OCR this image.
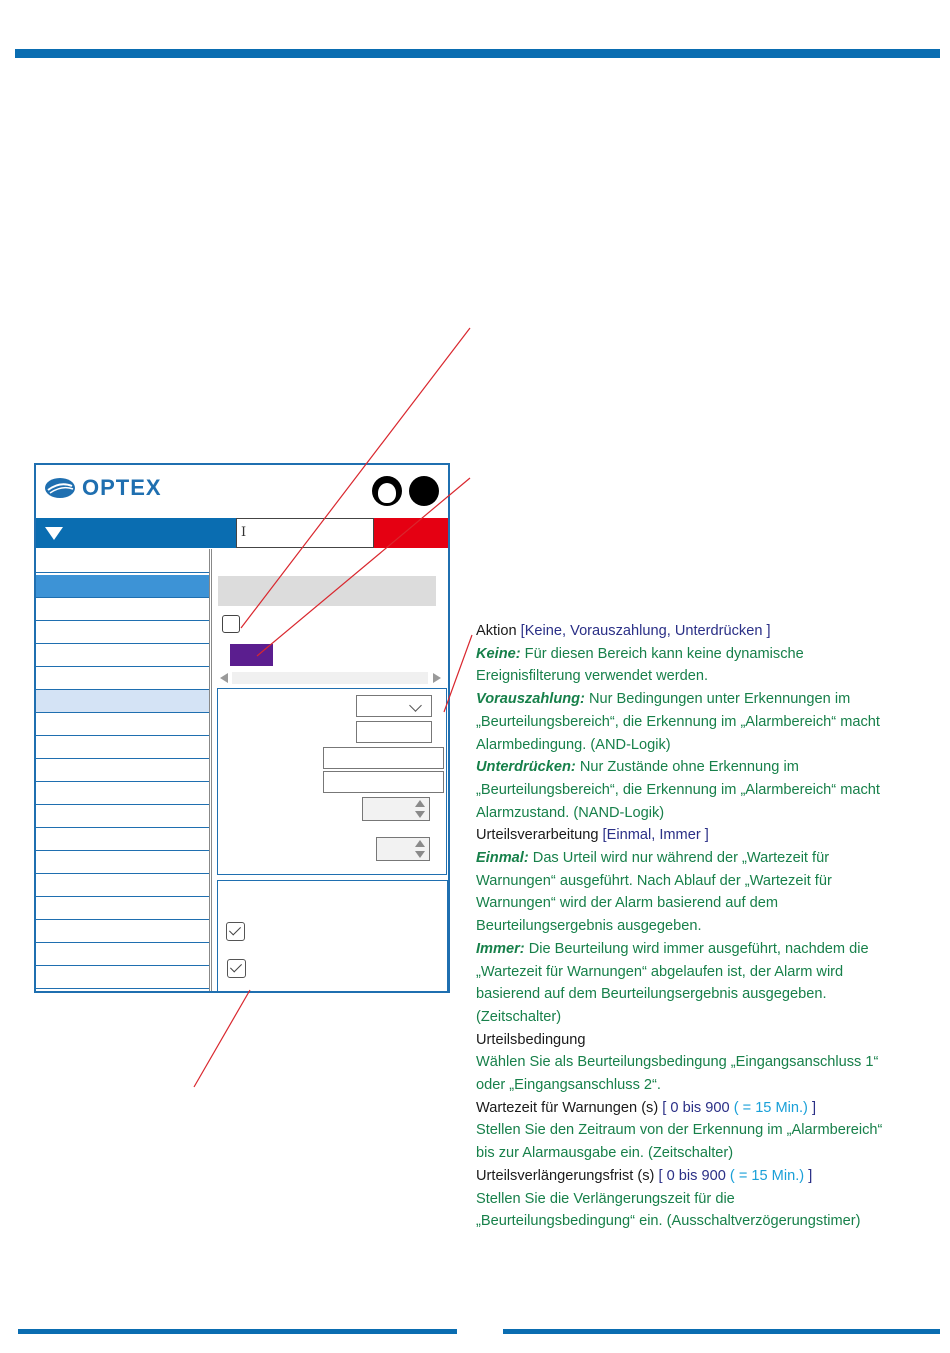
OPTEX
I
Aktion [Keine, Vorauszahlung, Unterdrücken ]
Keine: Für diesen Bereich kann keine dynamische
Ereignisfilterung verwendet werden.
Vorauszahlung: Nur Bedingungen unter Erkennungen im
„Beurteilungsbereich“, die Erkennung im „Alarmbereich“ macht
Alarmbedingung. (AND-Logik)
Unterdrücken: Nur Zustände ohne Erkennung im
„Beurteilungsbereich“, die Erkennung im „Alarmbereich“ macht
Alarmzustand. (NAND-Logik)
Urteilsverarbeitung [Einmal, Immer ]
Einmal: Das Urteil wird nur während der „Wartezeit für
Warnungen“ ausgeführt. Nach Ablauf der „Wartezeit für
Warnungen“ wird der Alarm basierend auf dem
Beurteilungsergebnis ausgegeben.
Immer: Die Beurteilung wird immer ausgeführt, nachdem die
„Wartezeit für Warnungen“ abgelaufen ist, der Alarm wird
basierend auf dem Beurteilungsergebnis ausgegeben.
(Zeitschalter)
Urteilsbedingung
Wählen Sie als Beurteilungsbedingung „Eingangsanschluss 1“
oder „Eingangsanschluss 2“.
Wartezeit für Warnungen (s) [ 0 bis 900 ( = 15 Min.) ]
Stellen Sie den Zeitraum von der Erkennung im „Alarmbereich“
bis zur Alarmausgabe ein. (Zeitschalter)
Urteilsverlängerungsfrist (s) [ 0 bis 900 ( = 15 Min.) ]
Stellen Sie die Verlängerungszeit für die
„Beurteilungsbedingung“ ein. (Ausschaltverzögerungstimer)
